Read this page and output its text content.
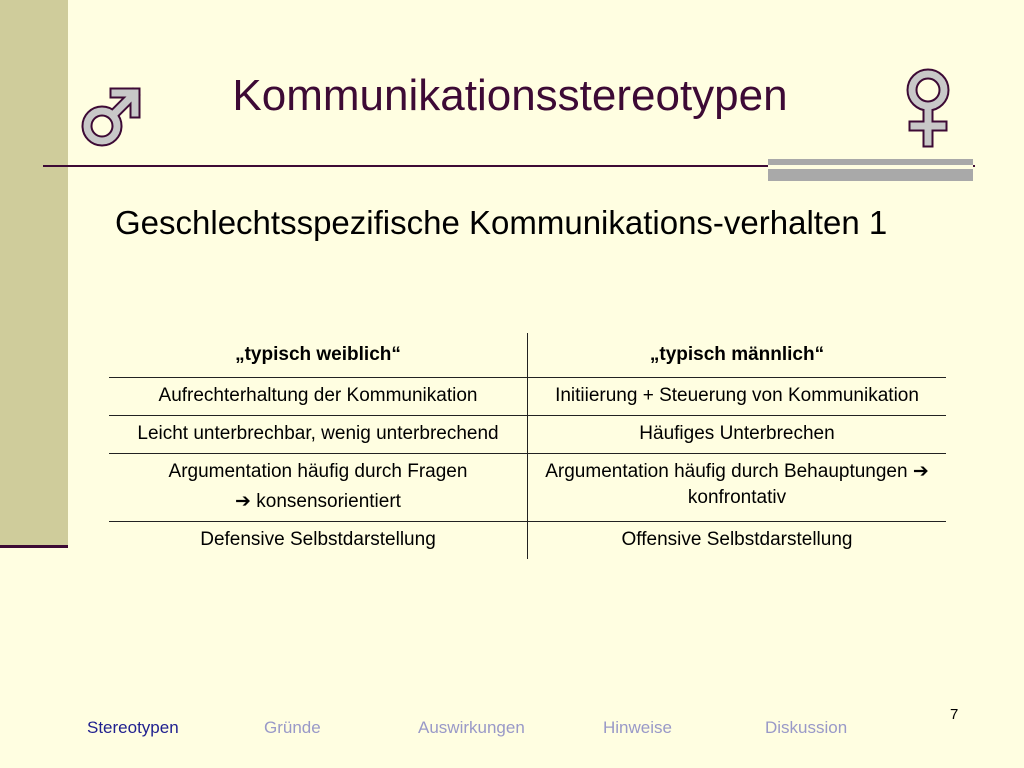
Kommunikationsstereotypen
Geschlechtsspezifische Kommunikations-verhalten 1
„typisch weiblich“	„typisch männlich“
Aufrechterhaltung der Kommunikation	Initiierung + Steuerung von Kommunikation
Leicht unterbrechbar, wenig unterbrechend	Häufiges Unterbrechen

Argumentation häufig durch Fragen
➔ konsensorientiert	Argumentation häufig durch Behauptungen ➔ konfrontativ
Defensive Selbstdarstellung	Offensive Selbstdarstellung
7
Stereotypen	Gründe	Auswirkungen	Hinweise	Diskussion
